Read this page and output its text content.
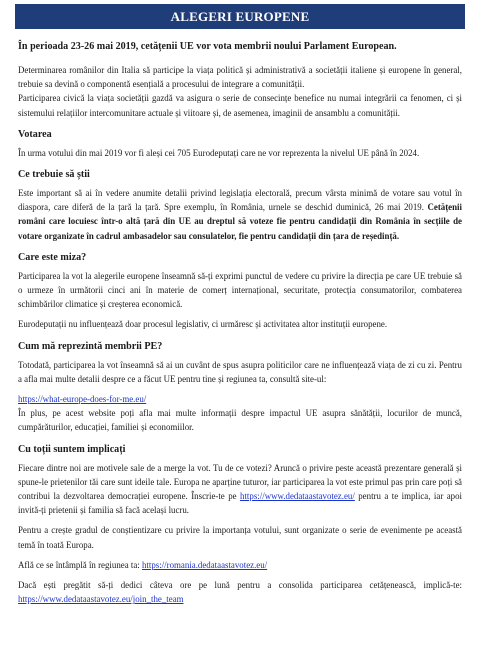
ALEGERI EUROPENE

În perioada 23-26 mai 2019, cetățenii UE vor vota membrii noului Parlament European.

Determinarea românilor din Italia să participe la viața politică și administrativă a societății italiene și europene în general, trebuie sa devină o componentă esențială a procesului de integrare a comunității.

Participarea civică la viața societății gazdă va asigura o serie de consecințe benefice nu numai integrării ca fenomen, ci și sistemului relațiilor intercomunitare actuale și viitoare și, de asemenea, imaginii de ansamblu a comunității.

Votarea

În urma votului din mai 2019 vor fi aleși cei 705 Eurodeputați care ne vor reprezenta la nivelul UE până în 2024.

Ce trebuie să știi

Este important să ai în vedere anumite detalii privind legislația electorală, precum vârsta minimă de votare sau votul în diaspora, care diferă de la țară la țară. Spre exemplu, în România, urnele se deschid duminică, 26 mai 2019. Cetățenii români care locuiesc într-o altă țară din UE au dreptul să voteze fie pentru candidații din România în secțiile de votare organizate în cadrul ambasadelor sau consulatelor, fie pentru candidații din țara de reședință.

Care este miza?

Participarea la vot la alegerile europene înseamnă să-ți exprimi punctul de vedere cu privire la direcția pe care UE trebuie să o urmeze în următorii cinci ani în materie de comerț internațional, securitate, protecția consumatorilor, combaterea schimbărilor climatice și creșterea economică.

Eurodeputații nu influențează doar procesul legislativ, ci urmăresc și activitatea altor instituții europene.

Cum mă reprezintă membrii PE?

Totodată, participarea la vot înseamnă să ai un cuvânt de spus asupra politicilor care ne influențează viața de zi cu zi. Pentru a afla mai multe detalii despre ce a făcut UE pentru tine și regiunea ta, consultă site-ul:

https://what-europe-does-for-me.eu/

În plus, pe acest website poți afla mai multe informații despre impactul UE asupra sănătății, locurilor de muncă, cumpărăturilor, educației, familiei și economiilor.

Cu toții suntem implicați

Fiecare dintre noi are motivele sale de a merge la vot. Tu de ce votezi? Aruncă o privire peste această prezentare generală și spune-le prietenilor tăi care sunt ideile tale. Europa ne aparține tuturor, iar participarea la vot este primul pas prin care poți să contribui la dezvoltarea democrației europene. Înscrie-te pe https://www.dedataastavotez.eu/ pentru a te implica, iar apoi invită-ți prietenii și familia să facă același lucru.

Pentru a crește gradul de conștientizare cu privire la importanța votului, sunt organizate o serie de evenimente pe această temă în toată Europa.

Află ce se întâmplă în regiunea ta: https://romania.dedataastavotez.eu/

Dacă ești pregătit să-ți dedici câteva ore pe lună pentru a consolida participarea cetățenească, implică-te: https://www.dedataastavotez.eu/join_the_team
